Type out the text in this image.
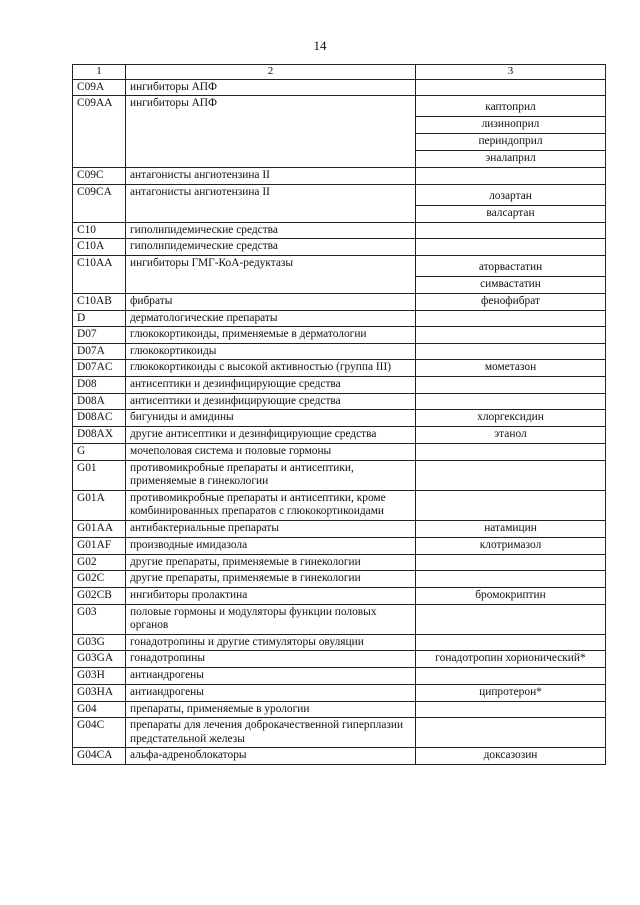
14
1	2	3
C09A	ингибиторы АПФ	
C09AA	ингибиторы АПФ	каптоприл
лизиноприл
периндоприл
эналаприл

C09C	антагонисты ангиотензина II	
C09CA	антагонисты ангиотензина II	лозартан
валсартан

C10	гиполипидемические средства	
C10A	гиполипидемические средства	
C10AA	ингибиторы ГМГ-КоА-редуктазы	аторвастатин
симвастатин

C10AB	фибраты	фенофибрат

D	дерматологические препараты	
D07	глюкокортикоиды, применяемые в дерматологии	
D07A	глюкокортикоиды	
D07AC	глюкокортикоиды с высокой активностью (группа III)	мометазон

D08	антисептики и дезинфицирующие средства	
D08A	антисептики и дезинфицирующие средства	
D08AC	бигуниды и амидины	хлоргексидин

D08AX	другие антисептики и дезинфицирующие средства	этанол

G	мочеполовая система и половые гормоны	
G01	противомикробные препараты и антисептики, применяемые в гинекологии	
G01A	противомикробные препараты и антисептики, кроме комбинированных препаратов с глюкокортикоидами	
G01AA	антибактериальные препараты	натамицин

G01AF	производные имидазола	клотримазол

G02	другие препараты, применяемые в гинекологии	
G02C	другие препараты, применяемые в гинекологии	
G02CB	ингибиторы пролактина	бромокриптин

G03	половые гормоны и модуляторы функции половых органов	
G03G	гонадотропины и другие стимуляторы овуляции	
G03GA	гонадотропины	гонадотропин хорионический*

G03H	антиандрогены	
G03HA	антиандрогены	ципротерон*

G04	препараты, применяемые в урологии	
G04C	препараты для лечения доброкачественной гиперплазии предстательной железы	
G04CA	альфа-адреноблокаторы	доксазозин
